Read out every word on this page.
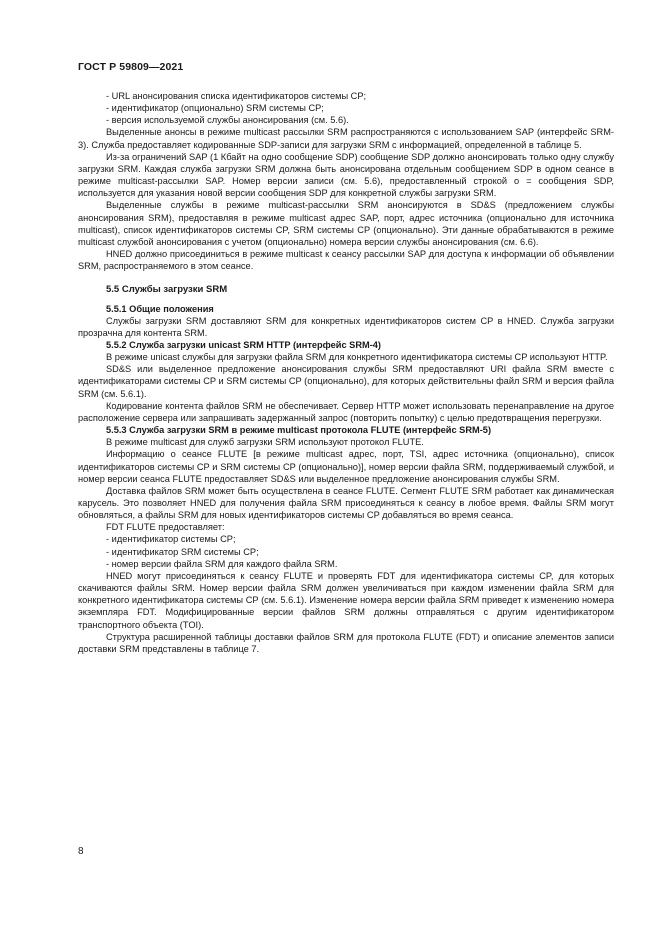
ГОСТ Р 59809—2021

- URL анонсирования списка идентификаторов системы CP;

- идентификатор (опционально) SRM системы CP;

- версия используемой службы анонсирования (см. 5.6).

Выделенные анонсы в режиме multicast рассылки SRM распространяются с использованием SAP (интерфейс SRM-3). Служба предоставляет кодированные SDP-записи для загрузки SRM с информацией, определенной в таблице 5.

Из-за ограничений SAP (1 Кбайт на одно сообщение SDP) сообщение SDP должно анонсировать только одну службу загрузки SRM. Каждая служба загрузки SRM должна быть анонсирована отдельным сообщением SDP в одном сеансе в режиме multicast-рассылки SAP. Номер версии записи (см. 5.6), предоставленный строкой o = сообщения SDP, используется для указания новой версии сообщения SDP для конкретной службы загрузки SRM.

Выделенные службы в режиме multicast-рассылки SRM анонсируются в SD&S (предложением службы анонсирования SRM), предоставляя в режиме multicast адрес SAP, порт, адрес источника (опционально для источника multicast), список идентификаторов системы CP, SRM системы CP (опционально). Эти данные обрабатываются в режиме multicast службой анонсирования с учетом (опционально) номера версии службы анонсирования (см. 6.6).

HNED должно присоединиться в режиме multicast к сеансу рассылки SAP для доступа к информации об объявлении SRM, распространяемого в этом сеансе.

5.5 Службы загрузки SRM
5.5.1 Общие положения

Службы загрузки SRM доставляют SRM для конкретных идентификаторов систем CP в HNED. Служба загрузки прозрачна для контента SRM.

5.5.2 Служба загрузки unicast SRM HTTP (интерфейс SRM-4)

В режиме unicast службы для загрузки файла SRM для конкретного идентификатора системы CP используют HTTP.

SD&S или выделенное предложение анонсирования службы SRM предоставляют URI файла SRM вместе с идентификаторами системы CP и SRM системы CP (опционально), для которых действительны файл SRM и версия файла SRM (см. 5.6.1).

Кодирование контента файлов SRM не обеспечивает. Сервер HTTP может использовать перенаправление на другое расположение сервера или запрашивать задержанный запрос (повторить попытку) с целью предотвращения перегрузки.

5.5.3 Служба загрузки SRM в режиме multicast протокола FLUTE (интерфейс SRM-5)

В режиме multicast для служб загрузки SRM используют протокол FLUTE.

Информацию о сеансе FLUTE [в режиме multicast адрес, порт, TSI, адрес источника (опционально), список идентификаторов системы CP и SRM системы CP (опционально)], номер версии файла SRM, поддерживаемый службой, и номер версии сеанса FLUTE предоставляет SD&S или выделенное предложение анонсирования службы SRM.

Доставка файлов SRM может быть осуществлена в сеансе FLUTE. Сегмент FLUTE SRM работает как динамическая карусель. Это позволяет HNED для получения файла SRM присоединяться к сеансу в любое время. Файлы SRM могут обновляться, а файлы SRM для новых идентификаторов системы CP добавляться во время сеанса.

FDT FLUTE предоставляет:

- идентификатор системы CP;

- идентификатор SRM системы CP;

- номер версии файла SRM для каждого файла SRM.

HNED могут присоединяться к сеансу FLUTE и проверять FDT для идентификатора системы CP, для которых скачиваются файлы SRM. Номер версии файла SRM должен увеличиваться при каждом изменении файла SRM для конкретного идентификатора системы CP (см. 5.6.1). Изменение номера версии файла SRM приведет к изменению номера экземпляра FDT. Модифицированные версии файлов SRM должны отправляться с другим идентификатором транспортного объекта (TOI).

Структура расширенной таблицы доставки файлов SRM для протокола FLUTE (FDT) и описание элементов записи доставки SRM представлены в таблице 7.

8
